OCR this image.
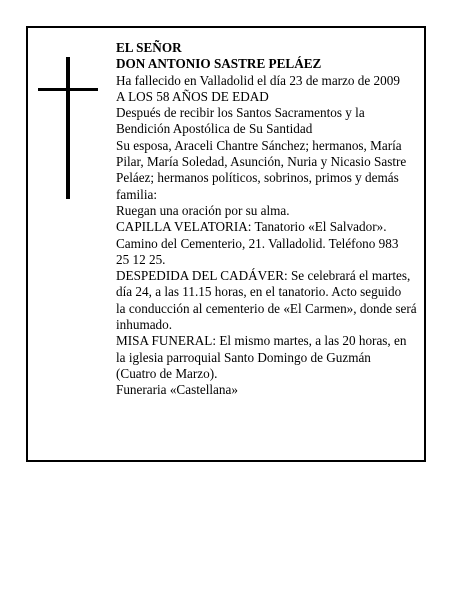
EL SEÑOR
DON ANTONIO SASTRE PELÁEZ
Ha fallecido en Valladolid el día 23 de marzo de 2009
A LOS 58 AÑOS DE EDAD
Después de recibir los Santos Sacramentos y la
Bendición Apostólica de Su Santidad
Su esposa, Araceli Chantre Sánchez; hermanos, María
Pilar, María Soledad, Asunción, Nuria y Nicasio Sastre
Peláez; hermanos políticos, sobrinos, primos y demás
familia:
Ruegan una oración por su alma.
CAPILLA VELATORIA: Tanatorio «El Salvador».
Camino del Cementerio, 21. Valladolid. Teléfono 983
25 12 25.
DESPEDIDA DEL CADÁVER: Se celebrará el martes,
día 24, a las 11.15 horas, en el tanatorio. Acto seguido
la conducción al cementerio de «El Carmen», donde será
inhumado.
MISA FUNERAL: El mismo martes, a las 20 horas, en
la iglesia parroquial Santo Domingo de Guzmán
(Cuatro de Marzo).
Funeraria «Castellana»
